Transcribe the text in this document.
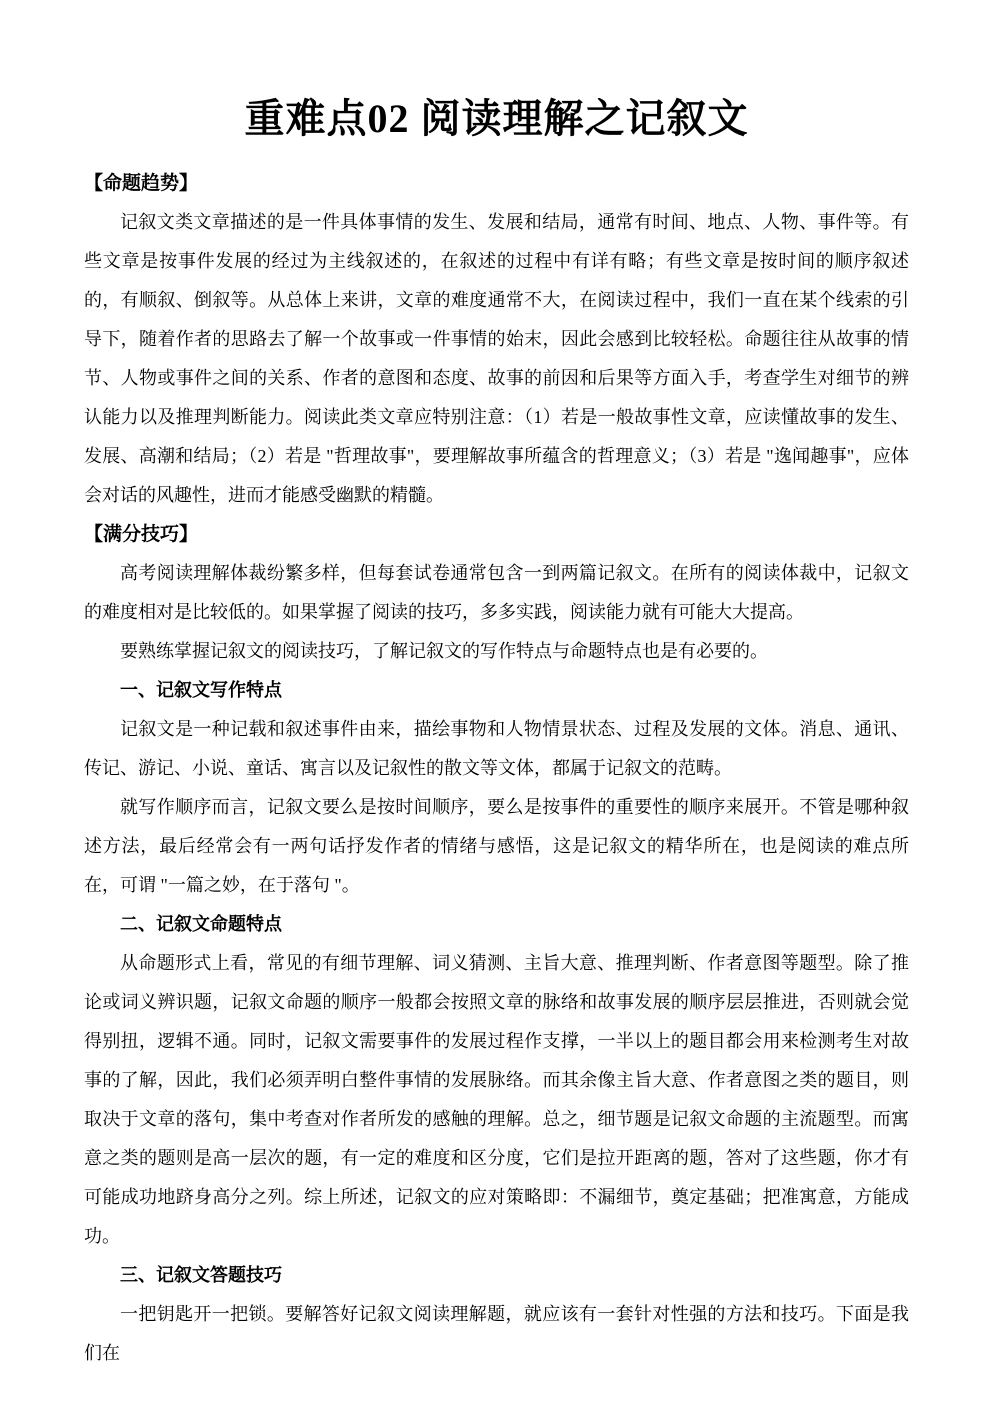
重难点02 阅读理解之记叙文
【命题趋势】

记叙文类文章描述的是一件具体事情的发生、发展和结局，通常有时间、地点、人物、事件等。有些文章是按事件发展的经过为主线叙述的，在叙述的过程中有详有略；有些文章是按时间的顺序叙述的，有顺叙、倒叙等。从总体上来讲，文章的难度通常不大，在阅读过程中，我们一直在某个线索的引导下，随着作者的思路去了解一个故事或一件事情的始末，因此会感到比较轻松。命题往往从故事的情节、人物或事件之间的关系、作者的意图和态度、故事的前因和后果等方面入手，考查学生对细节的辨认能力以及推理判断能力。阅读此类文章应特别注意：（1）若是一般故事性文章，应读懂故事的发生、发展、高潮和结局；（2）若是 "哲理故事"，要理解故事所蕴含的哲理意义；（3）若是 "逸闻趣事"，应体会对话的风趣性，进而才能感受幽默的精髓。

【满分技巧】

高考阅读理解体裁纷繁多样，但每套试卷通常包含一到两篇记叙文。在所有的阅读体裁中，记叙文的难度相对是比较低的。如果掌握了阅读的技巧，多多实践，阅读能力就有可能大大提高。

要熟练掌握记叙文的阅读技巧，了解记叙文的写作特点与命题特点也是有必要的。

一、记叙文写作特点

记叙文是一种记载和叙述事件由来，描绘事物和人物情景状态、过程及发展的文体。消息、通讯、传记、游记、小说、童话、寓言以及记叙性的散文等文体，都属于记叙文的范畴。

就写作顺序而言，记叙文要么是按时间顺序，要么是按事件的重要性的顺序来展开。不管是哪种叙述方法，最后经常会有一两句话抒发作者的情绪与感悟，这是记叙文的精华所在，也是阅读的难点所在，可谓 "一篇之妙，在于落句 "。

二、记叙文命题特点

从命题形式上看，常见的有细节理解、词义猜测、主旨大意、推理判断、作者意图等题型。除了推论或词义辨识题，记叙文命题的顺序一般都会按照文章的脉络和故事发展的顺序层层推进，否则就会觉得别扭，逻辑不通。同时，记叙文需要事件的发展过程作支撑，一半以上的题目都会用来检测考生对故事的了解，因此，我们必须弄明白整件事情的发展脉络。而其余像主旨大意、作者意图之类的题目，则取决于文章的落句，集中考查对作者所发的感触的理解。总之，细节题是记叙文命题的主流题型。而寓意之类的题则是高一层次的题，有一定的难度和区分度，它们是拉开距离的题，答对了这些题，你才有可能成功地跻身高分之列。综上所述，记叙文的应对策略即：不漏细节，奠定基础；把准寓意，方能成功。

三、记叙文答题技巧

一把钥匙开一把锁。要解答好记叙文阅读理解题，就应该有一套针对性强的方法和技巧。下面是我们在
